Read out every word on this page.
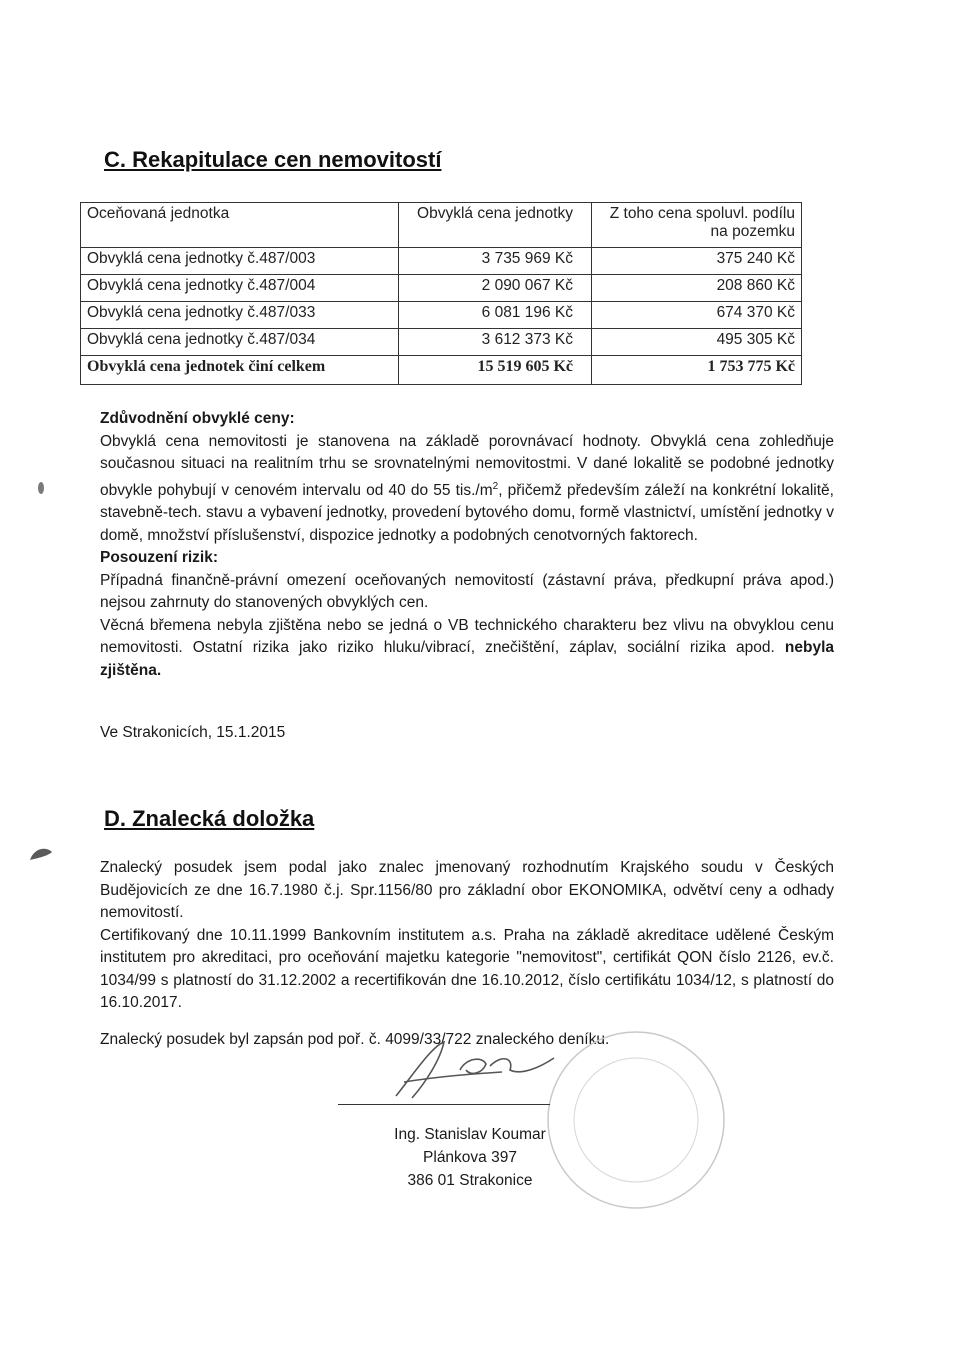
C. Rekapitulace cen nemovitostí
Oceňovaná jednotka	Obvyklá cena jednotky	Z toho cena spoluvl. podílu na pozemku
Obvyklá cena jednotky č.487/003	3 735 969 Kč	375 240 Kč
Obvyklá cena jednotky č.487/004	2 090 067 Kč	208 860 Kč
Obvyklá cena jednotky č.487/033	6 081 196 Kč	674 370 Kč
Obvyklá cena jednotky č.487/034	3 612 373 Kč	495 305 Kč
Obvyklá cena jednotek činí celkem	15 519 605 Kč	1 753 775 Kč

Zdůvodnění obvyklé ceny:

Obvyklá cena nemovitosti je stanovena na základě porovnávací hodnoty. Obvyklá cena zohledňuje současnou situaci na realitním trhu se srovnatelnými nemovitostmi. V dané lokalitě se podobné jednotky obvykle pohybují v cenovém intervalu od 40 do 55 $tis./m^2$, přičemž především záleží na konkrétní lokalitě, stavebně-tech. stavu a vybavení jednotky, provedení bytového domu, formě vlastnictví, umístění jednotky v domě, množství příslušenství, dispozice jednotky a podobných cenotvorných faktorech.

Posouzení rizik:

Případná finančně-právní omezení oceňovaných nemovitostí (zástavní práva, předkupní práva apod.) nejsou zahrnuty do stanovených obvyklých cen.

Věcná břemena nebyla zjištěna nebo se jedná o VB technického charakteru bez vlivu na obvyklou cenu nemovitosti. Ostatní rizika jako riziko hluku/vibrací, znečištění, záplav, sociální rizika apod. nebyla zjištěna.

Ve Strakonicích, 15.1.2015
D. Znalecká doložka

Znalecký posudek jsem podal jako znalec jmenovaný rozhodnutím Krajského soudu v Českých Budějovicích ze dne 16.7.1980 č.j. Spr.1156/80 pro základní obor EKONOMIKA, odvětví ceny a odhady nemovitostí.

Certifikovaný dne 10.11.1999 Bankovním institutem a.s. Praha na základě akreditace udělené Českým institutem pro akreditaci, pro oceňování majetku kategorie "nemovitost", certifikát QON číslo 2126, ev.č. 1034/99 s platností do 31.12.2002 a recertifikován dne 16.10.2012, číslo certifikátu 1034/12, s platností do 16.10.2017.

Znalecký posudek byl zapsán pod poř. č. 4099/33/722 znaleckého deníku.

Ing. Stanislav Koumar
Plánkova 397
386 01 Strakonice
